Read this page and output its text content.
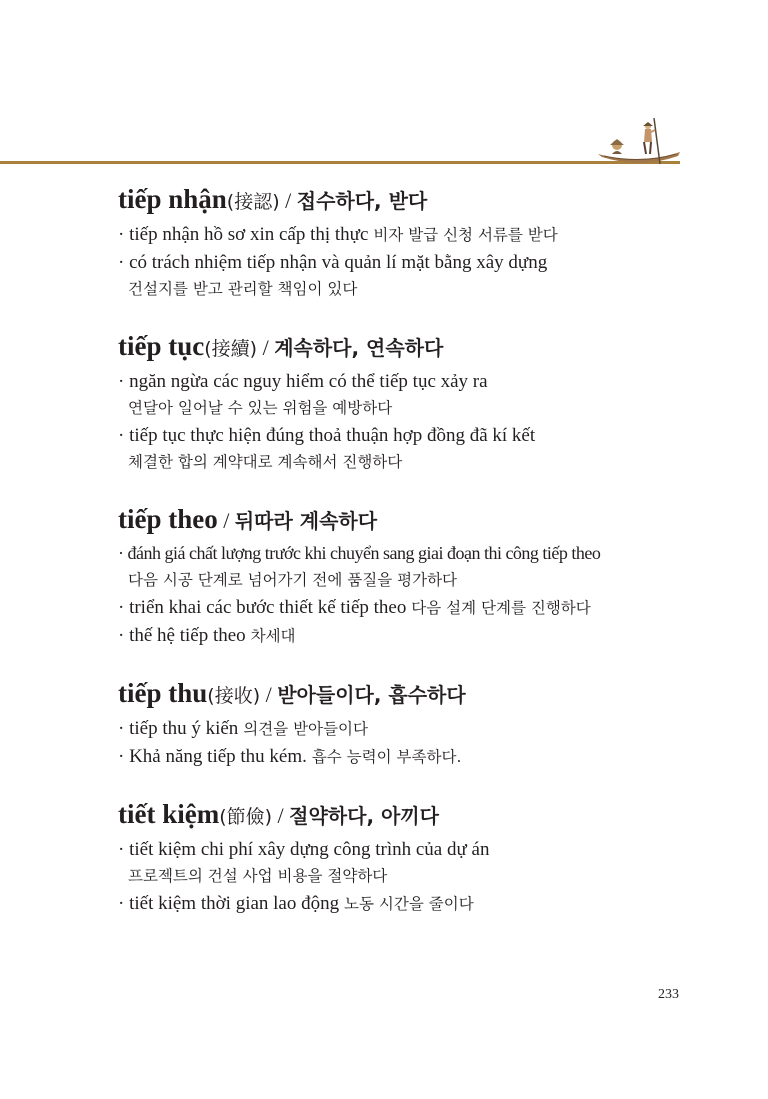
tiếp nhận(接認) / 접수하다, 받다
· tiếp nhận hồ sơ xin cấp thị thực 비자 발급 신청 서류를 받다
· có trách nhiệm tiếp nhận và quản lí mặt bằng xây dựng
건설지를 받고 관리할 책임이 있다
tiếp tục(接續) / 계속하다, 연속하다
· ngăn ngừa các nguy hiểm có thể tiếp tục xảy ra
연달아 일어날 수 있는 위험을 예방하다
· tiếp tục thực hiện đúng thoả thuận hợp đồng đã kí kết
체결한 합의 계약대로 계속해서 진행하다
tiếp theo / 뒤따라 계속하다
· đánh giá chất lượng trước khi chuyển sang giai đoạn thi công tiếp theo
다음 시공 단계로 넘어가기 전에 품질을 평가하다
· triển khai các bước thiết kế tiếp theo 다음 설계 단계를 진행하다
· thế hệ tiếp theo 차세대
tiếp thu(接收) / 받아들이다, 흡수하다
· tiếp thu ý kiến 의견을 받아들이다
· Khả năng tiếp thu kém. 흡수 능력이 부족하다.
tiết kiệm(節儉) / 절약하다, 아끼다
· tiết kiệm chi phí xây dựng công trình của dự án
프로젝트의 건설 사업 비용을 절약하다
· tiết kiệm thời gian lao động 노동 시간을 줄이다
233
